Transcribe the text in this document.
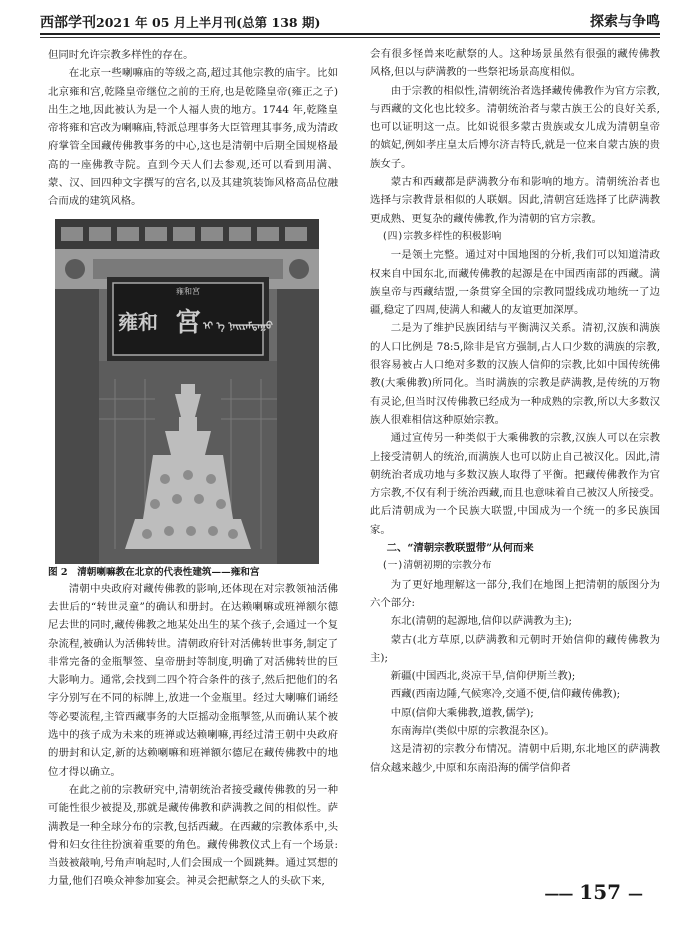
西部学刊2021 年 05 月上半月刊(总第 138 期)	探索与争鸣

但同时允许宗教多样性的存在。

在北京一些喇嘛庙的等级之高,超过其他宗教的庙宇。比如北京雍和宫,乾隆皇帝继位之前的王府,也是乾隆皇帝(雍正之子)出生之地,因此被认为是一个人福人贵的地方。1744 年,乾隆皇帝将雍和宫改为喇嘛庙,特派总理事务大臣管理其事务,成为清政府掌管全国藏传佛教事务的中心,这也是清朝中后期全国规格最高的一座佛教寺院。直到今天人们去参观,还可以看到用满、蒙、汉、回四种文字撰写的宫名,以及其建筑装饰风格高品位融合而成的建筑风格。

雍和宮
雍和 宮 ᠡᠶ ᠡ ᠨᠠᠢᠷᠠᠮᠳᠠᠭᠤ

图 2　清朝喇嘛教在北京的代表性建筑——雍和宫

清朝中央政府对藏传佛教的影响,还体现在对宗教领袖活佛去世后的“转世灵童”的确认和册封。在达赖喇嘛或班禅额尔德尼去世的同时,藏传佛教之地某处出生的某个孩子,会通过一个复杂流程,被确认为活佛转世。清朝政府针对活佛转世事务,制定了非常完备的金瓶掣签、皇帝册封等制度,明确了对活佛转世的巨大影响力。通常,会找到二四个符合条件的孩子,然后把他们的名字分别写在不同的标牌上,放进一个金瓶里。经过大喇嘛们诵经等必要流程,主管西藏事务的大臣摇动金瓶掣签,从而确认某个被选中的孩子成为未来的班禅或达赖喇嘛,再经过清王朝中央政府的册封和认定,新的达赖喇嘛和班禅额尔德尼在藏传佛教中的地位才得以确立。

在此之前的宗教研究中,清朝统治者接受藏传佛教的另一种可能性很少被提及,那就是藏传佛教和萨满教之间的相似性。萨满教是一种全球分布的宗教,包括西藏。在西藏的宗教体系中,头骨和妇女往往扮演着重要的角色。藏传佛教仪式上有一个场景:当鼓被敲响,号角声响起时,人们会围成一个圆跳舞。通过冥想的力量,他们召唤众神参加宴会。神灵会把献祭之人的头砍下来,

会有很多怪兽来吃献祭的人。这种场景虽然有很强的藏传佛教风格,但以与萨满教的一些祭祀场景高度相似。

由于宗教的相似性,清朝统治者选择藏传佛教作为官方宗教,与西藏的文化也比较多。清朝统治者与蒙古族王公的良好关系,也可以证明这一点。比如说很多蒙古贵族或女儿成为清朝皇帝的嫔妃,例如孝庄皇太后博尔济吉特氏,就是一位来自蒙古族的贵族女子。

蒙古和西藏都是萨满教分布和影响的地方。清朝统治者也选择与宗教背景相似的人联姻。因此,清朝宫廷选择了比萨满教更成熟、更复杂的藏传佛教,作为清朝的官方宗教。

(四)宗教多样性的积极影响

一是领土完整。通过对中国地图的分析,我们可以知道清政权来自中国东北,而藏传佛教的起源是在中国西南部的西藏。满族皇帝与西藏结盟,一条贯穿全国的宗教同盟线成功地统一了边疆,稳定了四周,使满人和藏人的友谊更加深厚。

二是为了维护民族团结与平衡满汉关系。清初,汉族和满族的人口比例是 78:5,除非是官方强制,占人口少数的满族的宗教,很容易被占人口绝对多数的汉族人信仰的宗教,比如中国传统佛教(大乘佛教)所同化。当时满族的宗教是萨满教,是传统的万物有灵论,但当时汉传佛教已经成为一种成熟的宗教,所以大多数汉族人很难相信这种原始宗教。

通过宣传另一种类似于大乘佛教的宗教,汉族人可以在宗教上接受清朝人的统治,而满族人也可以防止自己被汉化。因此,清朝统治者成功地与多数汉族人取得了平衡。把藏传佛教作为官方宗教,不仅有利于统治西藏,而且也意味着自己被汉人所接受。此后清朝成为一个民族大联盟,中国成为一个统一的多民族国家。

二、“清朝宗教联盟带”从何而来

(一)清朝初期的宗教分布

为了更好地理解这一部分,我们在地图上把清朝的版图分为六个部分:

东北(清朝的起源地,信仰以萨满教为主);

蒙古(北方草原,以萨满教和元朝时开始信仰的藏传佛教为主);

新疆(中国西北,炎凉干旱,信仰伊斯兰教);

西藏(西南边陲,气候寒冷,交通不便,信仰藏传佛教);

中原(信仰大乘佛教,道教,儒学);

东南海岸(类似中原的宗教混杂区)。

这是清初的宗教分布情况。清朝中后期,东北地区的萨满教信众越来越少,中原和东南沿海的儒学信仰者

—— 157 —
